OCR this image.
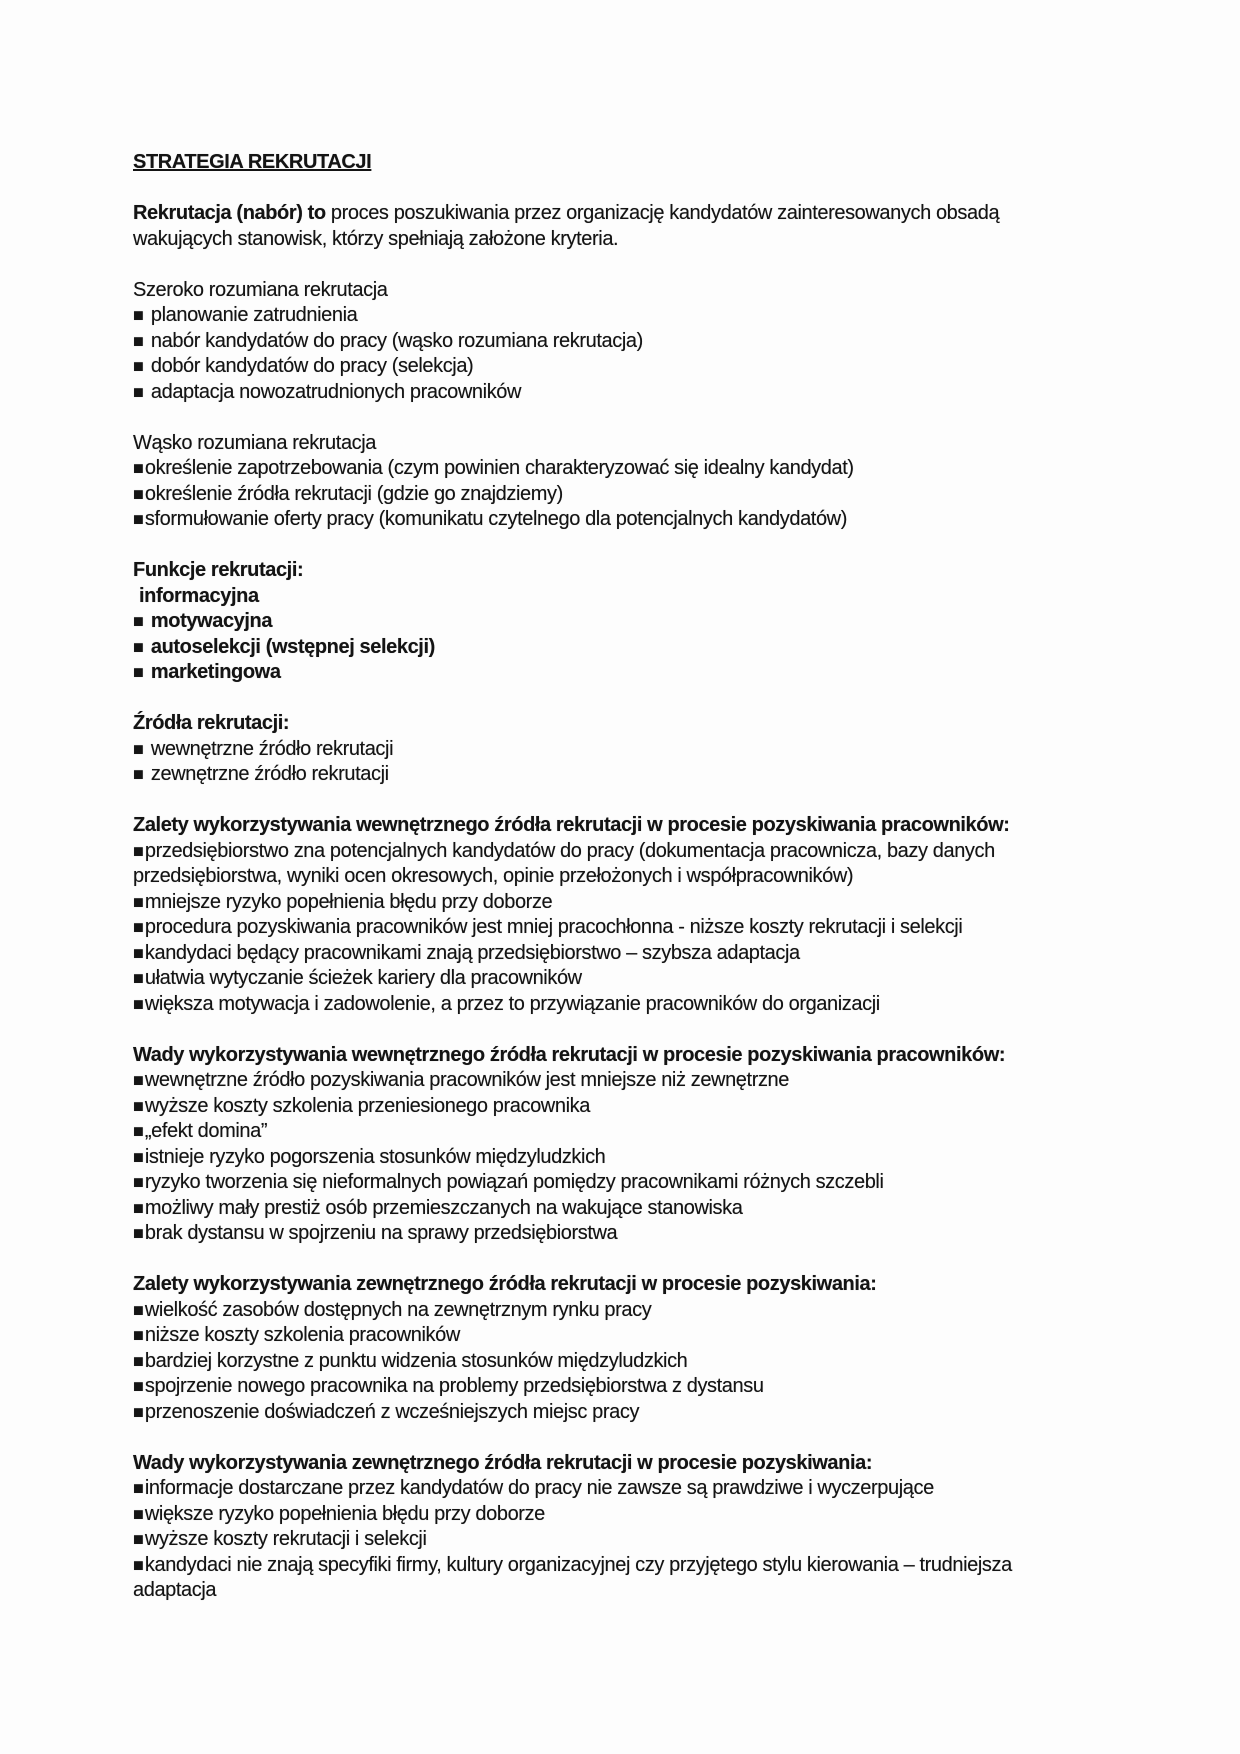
STRATEGIA REKRUTACJI
Rekrutacja (nabór) to proces poszukiwania przez organizację kandydatów zainteresowanych obsadą
wakujących stanowisk, którzy spełniają założone kryteria.
Szeroko rozumiana rekrutacja
■ planowanie zatrudnienia
■ nabór kandydatów do pracy (wąsko rozumiana rekrutacja)
■ dobór kandydatów do pracy (selekcja)
■ adaptacja nowozatrudnionych pracowników
Wąsko rozumiana rekrutacja
■określenie zapotrzebowania (czym powinien charakteryzować się idealny kandydat)
■określenie źródła rekrutacji (gdzie go znajdziemy)
■sformułowanie oferty pracy (komunikatu czytelnego dla potencjalnych kandydatów)
Funkcje rekrutacji:
informacyjna
■ motywacyjna
■ autoselekcji (wstępnej selekcji)
■ marketingowa
Źródła rekrutacji:
■ wewnętrzne źródło rekrutacji
■ zewnętrzne źródło rekrutacji
Zalety wykorzystywania wewnętrznego źródła rekrutacji w procesie pozyskiwania pracowników:
■przedsiębiorstwo zna potencjalnych kandydatów do pracy (dokumentacja pracownicza, bazy danych
przedsiębiorstwa, wyniki ocen okresowych, opinie przełożonych i współpracowników)
■mniejsze ryzyko popełnienia błędu przy doborze
■procedura pozyskiwania pracowników jest mniej pracochłonna - niższe koszty rekrutacji i selekcji
■kandydaci będący pracownikami znają przedsiębiorstwo – szybsza adaptacja
■ułatwia wytyczanie ścieżek kariery dla pracowników
■większa motywacja i zadowolenie, a przez to przywiązanie pracowników do organizacji
Wady wykorzystywania wewnętrznego źródła rekrutacji w procesie pozyskiwania pracowników:
■wewnętrzne źródło pozyskiwania pracowników jest mniejsze niż zewnętrzne
■wyższe koszty szkolenia przeniesionego pracownika
■„efekt domina”
■istnieje ryzyko pogorszenia stosunków międzyludzkich
■ryzyko tworzenia się nieformalnych powiązań pomiędzy pracownikami różnych szczebli
■możliwy mały prestiż osób przemieszczanych na wakujące stanowiska
■brak dystansu w spojrzeniu na sprawy przedsiębiorstwa
Zalety wykorzystywania zewnętrznego źródła rekrutacji w procesie pozyskiwania:
■wielkość zasobów dostępnych na zewnętrznym rynku pracy
■niższe koszty szkolenia pracowników
■bardziej korzystne z punktu widzenia stosunków międzyludzkich
■spojrzenie nowego pracownika na problemy przedsiębiorstwa z dystansu
■przenoszenie doświadczeń z wcześniejszych miejsc pracy
Wady wykorzystywania zewnętrznego źródła rekrutacji w procesie pozyskiwania:
■informacje dostarczane przez kandydatów do pracy nie zawsze są prawdziwe i wyczerpujące
■większe ryzyko popełnienia błędu przy doborze
■wyższe koszty rekrutacji i selekcji
■kandydaci nie znają specyfiki firmy, kultury organizacyjnej czy przyjętego stylu kierowania – trudniejsza
adaptacja
